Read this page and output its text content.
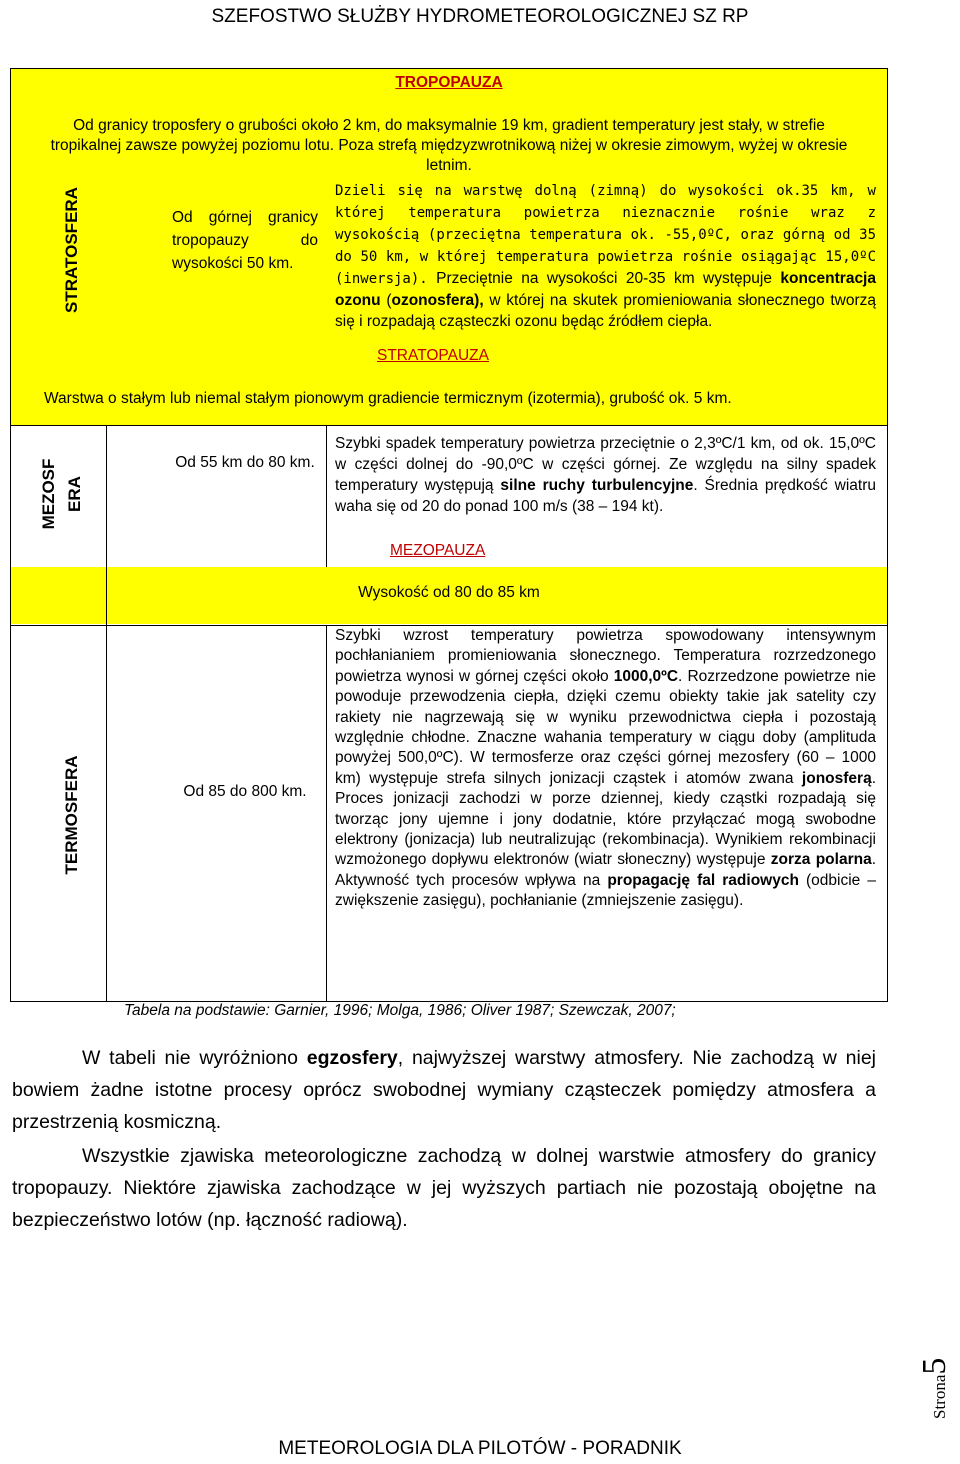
SZEFOSTWO SŁUŻBY HYDROMETEOROLOGICZNEJ SZ RP
TROPOPAUZA
Od granicy troposfery o grubości około 2 km, do maksymalnie 19 km, gradient temperatury jest stały, w strefie tropikalnej zawsze powyżej poziomu lotu. Poza strefą międzyzwrotnikową niżej w okresie zimowym, wyżej w okresie letnim.
STRATOSFERA	Od górnej granicy tropopauzy do wysokości 50 km.
Dzieli się na warstwę dolną (zimną) do wysokości ok.35 km, w której temperatura powietrza nieznacznie rośnie wraz z wysokością (przeciętna temperatura ok. -55,0ºC, oraz górną od 35 do 50 km, w której temperatura powietrza rośnie osiągając 15,0ºC (inwersja). Przeciętnie na wysokości 20-35 km występuje koncentracja ozonu (ozonosfera), w której na skutek promieniowania słonecznego tworzą się i rozpadają cząsteczki ozonu będąc źródłem ciepła.
STRATOPAUZA
Warstwa o stałym lub niemal stałym pionowym gradiencie termicznym (izotermia), grubość ok. 5 km.
MEZOSF ERA
Od 55 km do 80 km.
Szybki spadek temperatury powietrza przeciętnie o 2,3ºC/1 km, od ok. 15,0ºC w części dolnej do -90,0ºC w części górnej. Ze względu na silny spadek temperatury występują silne ruchy turbulencyjne. Średnia prędkość wiatru waha się od 20 do ponad 100 m/s (38 – 194 kt).
MEZOPAUZA
Wysokość od 80 do 85 km
TERMOSFERA	Od 85 do 800 km.
Szybki wzrost temperatury powietrza spowodowany intensywnym pochłanianiem promieniowania słonecznego. Temperatura rozrzedzonego powietrza wynosi w górnej części około 1000,0ºC. Rozrzedzone powietrze nie powoduje przewodzenia ciepła, dzięki czemu obiekty takie jak satelity czy rakiety nie nagrzewają się w wyniku przewodnictwa ciepła i pozostają względnie chłodne. Znaczne wahania temperatury w ciągu doby (amplituda powyżej 500,0ºC). W termosferze oraz części górnej mezosfery (60 – 1000 km) występuje strefa silnych jonizacji cząstek i atomów zwana jonosferą. Proces jonizacji zachodzi w porze dziennej, kiedy cząstki rozpadają się tworząc jony ujemne i jony dodatnie, które przyłączać mogą swobodne elektrony (jonizacja) lub neutralizując (rekombinacja). Wynikiem rekombinacji wzmożonego dopływu elektronów (wiatr słoneczny) występuje zorza polarna. Aktywność tych procesów wpływa na propagację fal radiowych (odbicie – zwiększenie zasięgu), pochłanianie (zmniejszenie zasięgu).
Tabela na podstawie: Garnier, 1996; Molga, 1986; Oliver 1987; Szewczak, 2007;
W tabeli nie wyróżniono egzosfery, najwyższej warstwy atmosfery. Nie zachodzą w niej bowiem żadne istotne procesy oprócz swobodnej wymiany cząsteczek pomiędzy atmosfera a przestrzenią kosmiczną.
Wszystkie zjawiska meteorologiczne zachodzą w dolnej warstwie atmosfery do granicy tropopauzy. Niektóre zjawiska zachodzące w jej wyższych partiach nie pozostają obojętne na bezpieczeństwo lotów (np. łączność radiową).
Strona5
METEOROLOGIA DLA PILOTÓW - PORADNIK
